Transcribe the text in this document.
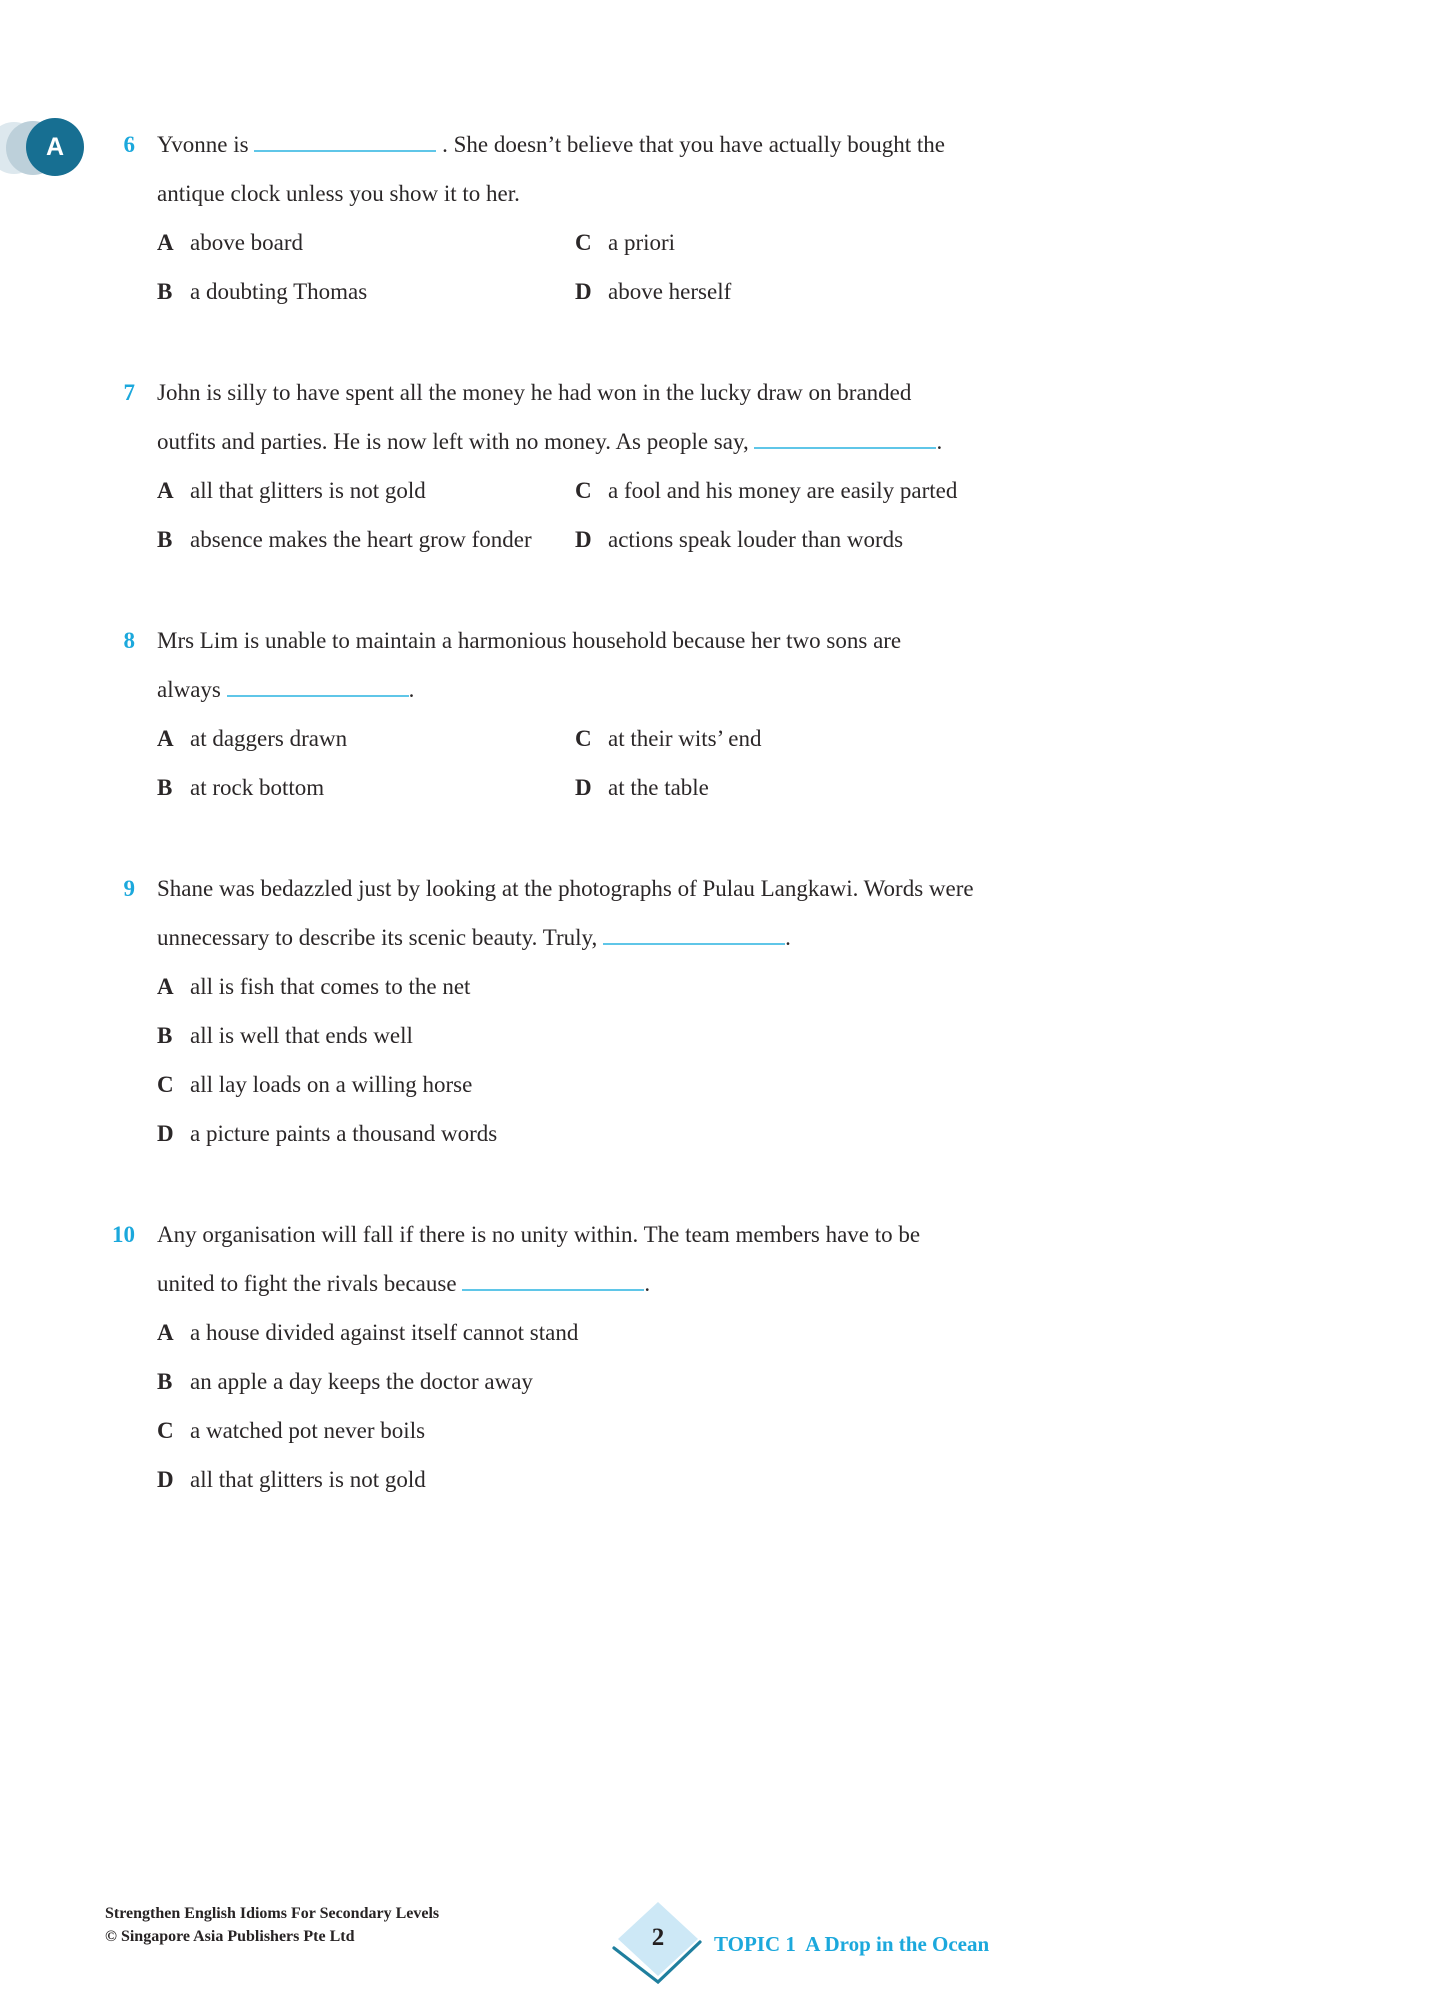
A	6 Yvonne is	. She doesn’t believe that you have actually bought the
antique clock unless you show it to her.
A above board
B a doubting Thomas
C a priori
D above herself
7 John is silly to have spent all the money he had won in the lucky draw on branded
outfits and parties. He is now left with no money. As people say,	.
A all that glitters is not gold
B absence makes the heart grow fonder
C a fool and his money are easily parted
D actions speak louder than words
8 Mrs Lim is unable to maintain a harmonious household because her two sons are
always	.
A at daggers drawn
B at rock bottom
C at their wits’ end
D at the table
9 Shane was bedazzled just by looking at the photographs of Pulau Langkawi. Words were
unnecessary to describe its scenic beauty. Truly,	.
A all is fish that comes to the net
B all is well that ends well
C all lay loads on a willing horse
D a picture paints a thousand words
10 Any organisation will fall if there is no unity within. The team members have to be
united to fight the rivals because	.
A a house divided against itself cannot stand
B an apple a day keeps the doctor away
C a watched pot never boils
D all that glitters is not gold
Strengthen English Idioms For Secondary Levels
© Singapore Asia Publishers Pte Ltd	2	TOPIC 1  A Drop in the Ocean
